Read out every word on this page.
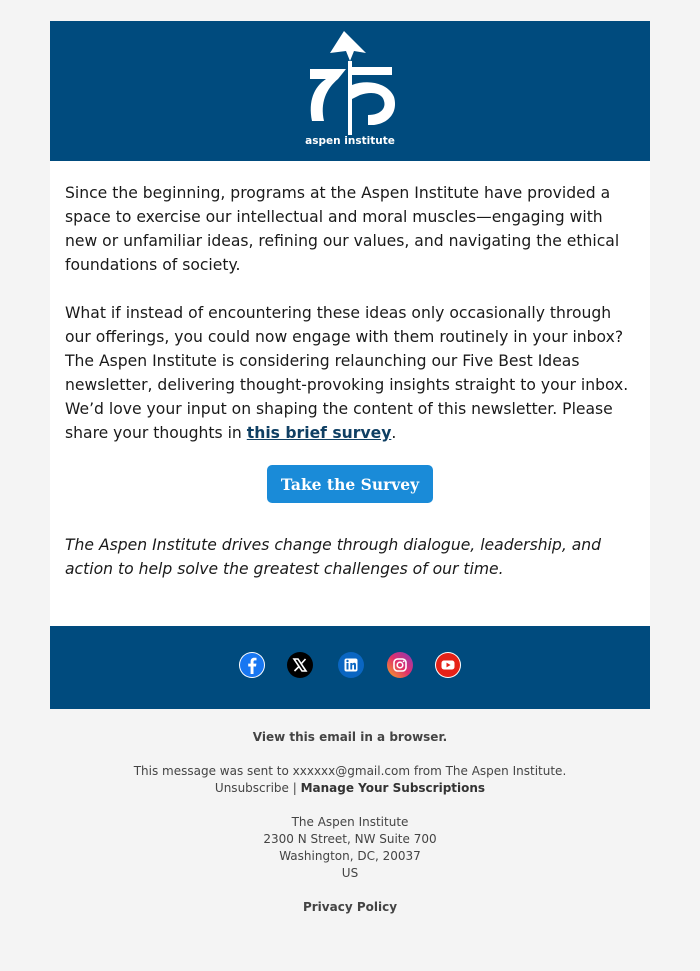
aspen institute

Since the beginning, programs at the Aspen Institute have provided a space to exercise our intellectual and moral muscles—engaging with new or unfamiliar ideas, refining our values, and navigating the ethical foundations of society.

What if instead of encountering these ideas only occasionally through our offerings, you could now engage with them routinely in your inbox? The Aspen Institute is considering relaunching our Five Best Ideas newsletter, delivering thought-provoking insights straight to your inbox. We’d love your input on shaping the content of this newsletter. Please share your thoughts in this brief survey.

Take the Survey

The Aspen Institute drives change through dialogue, leadership, and action to help solve the greatest challenges of our time.

View this email in a browser.
This message was sent to xxxxxx@gmail.com from The Aspen Institute.
Unsubscribe | Manage Your Subscriptions
The Aspen Institute
2300 N Street, NW Suite 700
Washington, DC, 20037
US
Privacy Policy
